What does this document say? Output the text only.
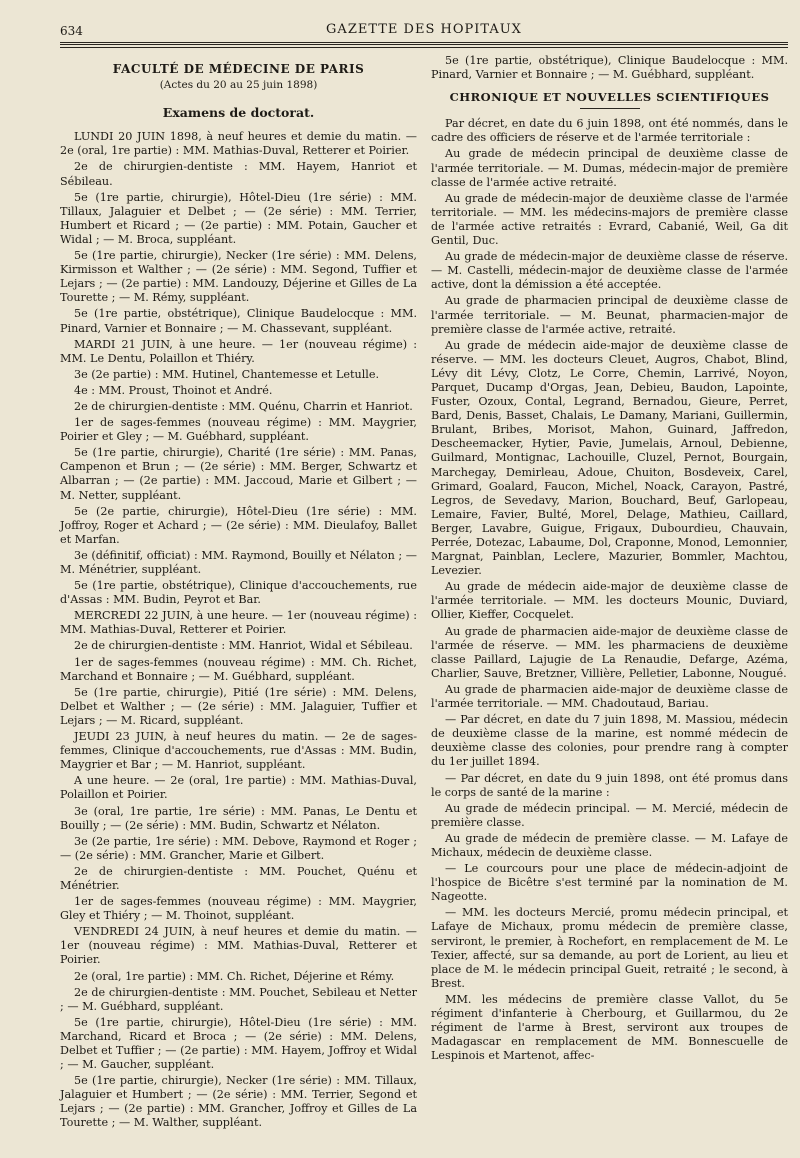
634	GAZETTE DES HOPITAUX
FACULTÉ DE MÉDECINE DE PARIS
(Actes du 20 au 25 juin 1898)
Examens de doctorat.

LUNDI 20 JUIN 1898, à neuf heures et demie du matin. — 2e (oral, 1re partie) : MM. Mathias-Duval, Retterer et Poirier.

2e de chirurgien-dentiste : MM. Hayem, Hanriot et Sébileau.

5e (1re partie, chirurgie), Hôtel-Dieu (1re série) : MM. Tillaux, Jalaguier et Delbet ; — (2e série) : MM. Terrier, Humbert et Ricard ; — (2e partie) : MM. Potain, Gaucher et Widal ; — M. Broca, suppléant.

5e (1re partie, chirurgie), Necker (1re série) : MM. Delens, Kirmisson et Walther ; — (2e série) : MM. Segond, Tuffier et Lejars ; — (2e partie) : MM. Landouzy, Déjerine et Gilles de La Tourette ; — M. Rémy, suppléant.

5e (1re partie, obstétrique), Clinique Baudelocque : MM. Pinard, Varnier et Bonnaire ; — M. Chassevant, suppléant.

MARDI 21 JUIN, à une heure. — 1er (nouveau régime) : MM. Le Dentu, Polaillon et Thiéry.

3e (2e partie) : MM. Hutinel, Chantemesse et Letulle.

4e : MM. Proust, Thoinot et André.

2e de chirurgien-dentiste : MM. Quénu, Charrin et Hanriot.

1er de sages-femmes (nouveau régime) : MM. Maygrier, Poirier et Gley ; — M. Guébhard, suppléant.

5e (1re partie, chirurgie), Charité (1re série) : MM. Panas, Campenon et Brun ; — (2e série) : MM. Berger, Schwartz et Albarran ; — (2e partie) : MM. Jaccoud, Marie et Gilbert ; — M. Netter, suppléant.

5e (2e partie, chirurgie), Hôtel-Dieu (1re série) : MM. Joffroy, Roger et Achard ; — (2e série) : MM. Dieulafoy, Ballet et Marfan.

3e (définitif, officiat) : MM. Raymond, Bouilly et Nélaton ; — M. Ménétrier, suppléant.

5e (1re partie, obstétrique), Clinique d'accouchements, rue d'Assas : MM. Budin, Peyrot et Bar.

MERCREDI 22 JUIN, à une heure. — 1er (nouveau régime) : MM. Mathias-Duval, Retterer et Poirier.

2e de chirurgien-dentiste : MM. Hanriot, Widal et Sébileau.

1er de sages-femmes (nouveau régime) : MM. Ch. Richet, Marchand et Bonnaire ; — M. Guébhard, suppléant.

5e (1re partie, chirurgie), Pitié (1re série) : MM. Delens, Delbet et Walther ; — (2e série) : MM. Jalaguier, Tuffier et Lejars ; — M. Ricard, suppléant.

JEUDI 23 JUIN, à neuf heures du matin. — 2e de sages-femmes, Clinique d'accouchements, rue d'Assas : MM. Budin, Maygrier et Bar ; — M. Hanriot, suppléant.

A une heure. — 2e (oral, 1re partie) : MM. Mathias-Duval, Polaillon et Poirier.

3e (oral, 1re partie, 1re série) : MM. Panas, Le Dentu et Bouilly ; — (2e série) : MM. Budin, Schwartz et Nélaton.

3e (2e partie, 1re série) : MM. Debove, Raymond et Roger ; — (2e série) : MM. Grancher, Marie et Gilbert.

2e de chirurgien-dentiste : MM. Pouchet, Quénu et Ménétrier.

1er de sages-femmes (nouveau régime) : MM. Maygrier, Gley et Thiéry ; — M. Thoinot, suppléant.

VENDREDI 24 JUIN, à neuf heures et demie du matin. — 1er (nouveau régime) : MM. Mathias-Duval, Retterer et Poirier.

2e (oral, 1re partie) : MM. Ch. Richet, Déjerine et Rémy.

2e de chirurgien-dentiste : MM. Pouchet, Sebileau et Netter ; — M. Guébhard, suppléant.

5e (1re partie, chirurgie), Hôtel-Dieu (1re série) : MM. Marchand, Ricard et Broca ; — (2e série) : MM. Delens, Delbet et Tuffier ; — (2e partie) : MM. Hayem, Joffroy et Widal ; — M. Gaucher, suppléant.

5e (1re partie, chirurgie), Necker (1re série) : MM. Tillaux, Jalaguier et Humbert ; — (2e série) : MM. Terrier, Segond et Lejars ; — (2e partie) : MM. Grancher, Joffroy et Gilles de La Tourette ; — M. Walther, suppléant.

5e (1re partie, obstétrique), Clinique Baudelocque : MM. Pinard, Varnier et Bonnaire ; — M. Guébhard, suppléant.

CHRONIQUE ET NOUVELLES SCIENTIFIQUES

Par décret, en date du 6 juin 1898, ont été nommés, dans le cadre des officiers de réserve et de l'armée territoriale :

Au grade de médecin principal de deuxième classe de l'armée territoriale. — M. Dumas, médecin-major de première classe de l'armée active retraité.

Au grade de médecin-major de deuxième classe de l'armée territoriale. — MM. les médecins-majors de première classe de l'armée active retraités : Evrard, Cabanié, Weil, Ga dit Gentil, Duc.

Au grade de médecin-major de deuxième classe de réserve. — M. Castelli, médecin-major de deuxième classe de l'armée active, dont la démission a été acceptée.

Au grade de pharmacien principal de deuxième classe de l'armée territoriale. — M. Beunat, pharmacien-major de première classe de l'armée active, retraité.

Au grade de médecin aide-major de deuxième classe de réserve. — MM. les docteurs Cleuet, Augros, Chabot, Blind, Lévy dit Lévy, Clotz, Le Corre, Chemin, Larrivé, Noyon, Parquet, Ducamp d'Orgas, Jean, Debieu, Baudon, Lapointe, Fuster, Ozoux, Contal, Legrand, Bernadou, Gieure, Perret, Bard, Denis, Basset, Chalais, Le Damany, Mariani, Guillermin, Brulant, Bribes, Morisot, Mahon, Guinard, Jaffredon, Descheemacker, Hytier, Pavie, Jumelais, Arnoul, Debienne, Guilmard, Montignac, Lachouille, Cluzel, Pernot, Bourgain, Marchegay, Demirleau, Adoue, Chuiton, Bosdeveix, Carel, Grimard, Goalard, Faucon, Michel, Noack, Carayon, Pastré, Legros, de Sevedavy, Marion, Bouchard, Beuf, Garlopeau, Lemaire, Favier, Bulté, Morel, Delage, Mathieu, Caillard, Berger, Lavabre, Guigue, Frigaux, Dubourdieu, Chauvain, Perrée, Dotezac, Labaume, Dol, Craponne, Monod, Lemonnier, Margnat, Painblan, Leclere, Mazurier, Bommler, Machtou, Levezier.

Au grade de médecin aide-major de deuxième classe de l'armée territoriale. — MM. les docteurs Mounic, Duviard, Ollier, Kieffer, Cocquelet.

Au grade de pharmacien aide-major de deuxième classe de l'armée de réserve. — MM. les pharmaciens de deuxième classe Paillard, Lajugie de La Renaudie, Defarge, Azéma, Charlier, Sauve, Bretzner, Villière, Pelletier, Labonne, Nougué.

Au grade de pharmacien aide-major de deuxième classe de l'armée territoriale. — MM. Chadoutaud, Bariau.

— Par décret, en date du 7 juin 1898, M. Massiou, médecin de deuxième classe de la marine, est nommé médecin de deuxième classe des colonies, pour prendre rang à compter du 1er juillet 1894.

— Par décret, en date du 9 juin 1898, ont été promus dans le corps de santé de la marine :

Au grade de médecin principal. — M. Mercié, médecin de première classe.

Au grade de médecin de première classe. — M. Lafaye de Michaux, médecin de deuxième classe.

— Le courcours pour une place de médecin-adjoint de l'hospice de Bicêtre s'est terminé par la nomination de M. Nageotte.

— MM. les docteurs Mercié, promu médecin principal, et Lafaye de Michaux, promu médecin de première classe, serviront, le premier, à Rochefort, en remplacement de M. Le Texier, affecté, sur sa demande, au port de Lorient, au lieu et place de M. le médecin principal Gueit, retraité ; le second, à Brest.

MM. les médecins de première classe Vallot, du 5e régiment d'infanterie à Cherbourg, et Guillarmou, du 2e régiment de l'arme à Brest, serviront aux troupes de Madagascar en remplacement de MM. Bonnescuelle de Lespinois et Martenot, affec-
